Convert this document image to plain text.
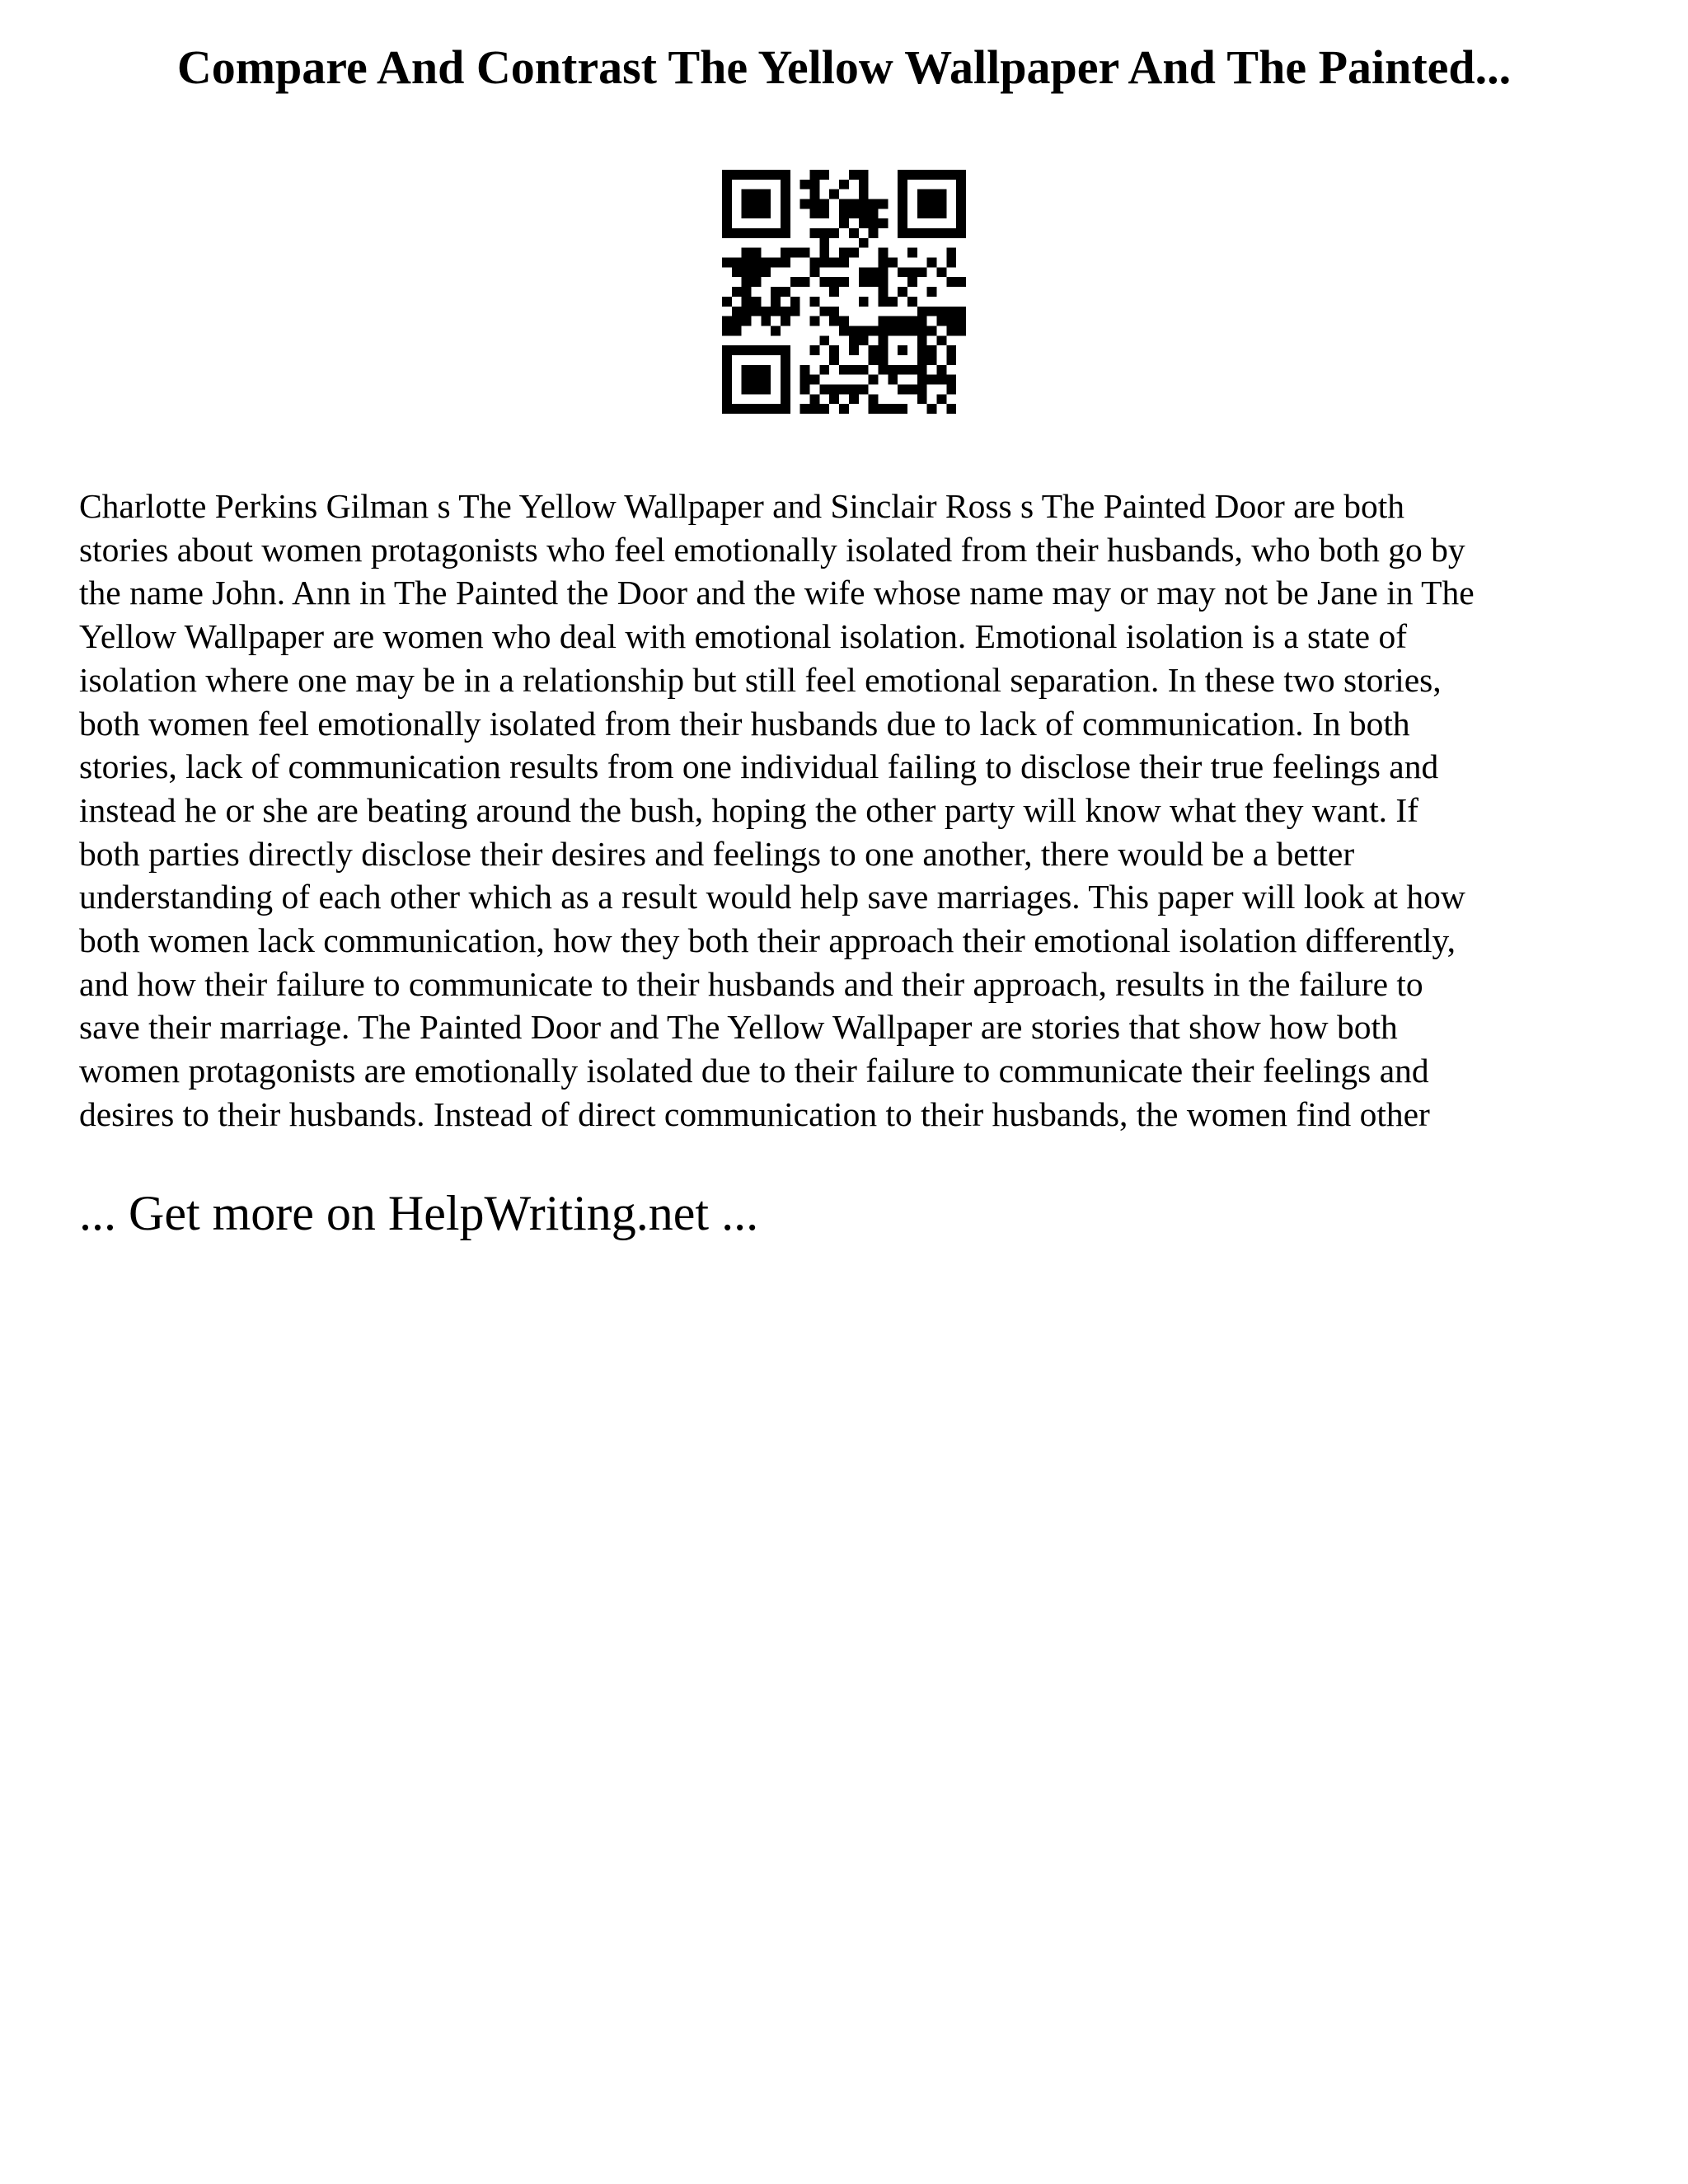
Compare And Contrast The Yellow Wallpaper And The Painted...
Charlotte Perkins Gilman s The Yellow Wallpaper and Sinclair Ross s The Painted Door are both
stories about women protagonists who feel emotionally isolated from their husbands, who both go by
the name John. Ann in The Painted the Door and the wife whose name may or may not be Jane in The
Yellow Wallpaper are women who deal with emotional isolation. Emotional isolation is a state of
isolation where one may be in a relationship but still feel emotional separation. In these two stories,
both women feel emotionally isolated from their husbands due to lack of communication. In both
stories, lack of communication results from one individual failing to disclose their true feelings and
instead he or she are beating around the bush, hoping the other party will know what they want. If
both parties directly disclose their desires and feelings to one another, there would be a better
understanding of each other which as a result would help save marriages. This paper will look at how
both women lack communication, how they both their approach their emotional isolation differently,
and how their failure to communicate to their husbands and their approach, results in the failure to
save their marriage. The Painted Door and The Yellow Wallpaper are stories that show how both
women protagonists are emotionally isolated due to their failure to communicate their feelings and
desires to their husbands. Instead of direct communication to their husbands, the women find other
... Get more on HelpWriting.net ...
